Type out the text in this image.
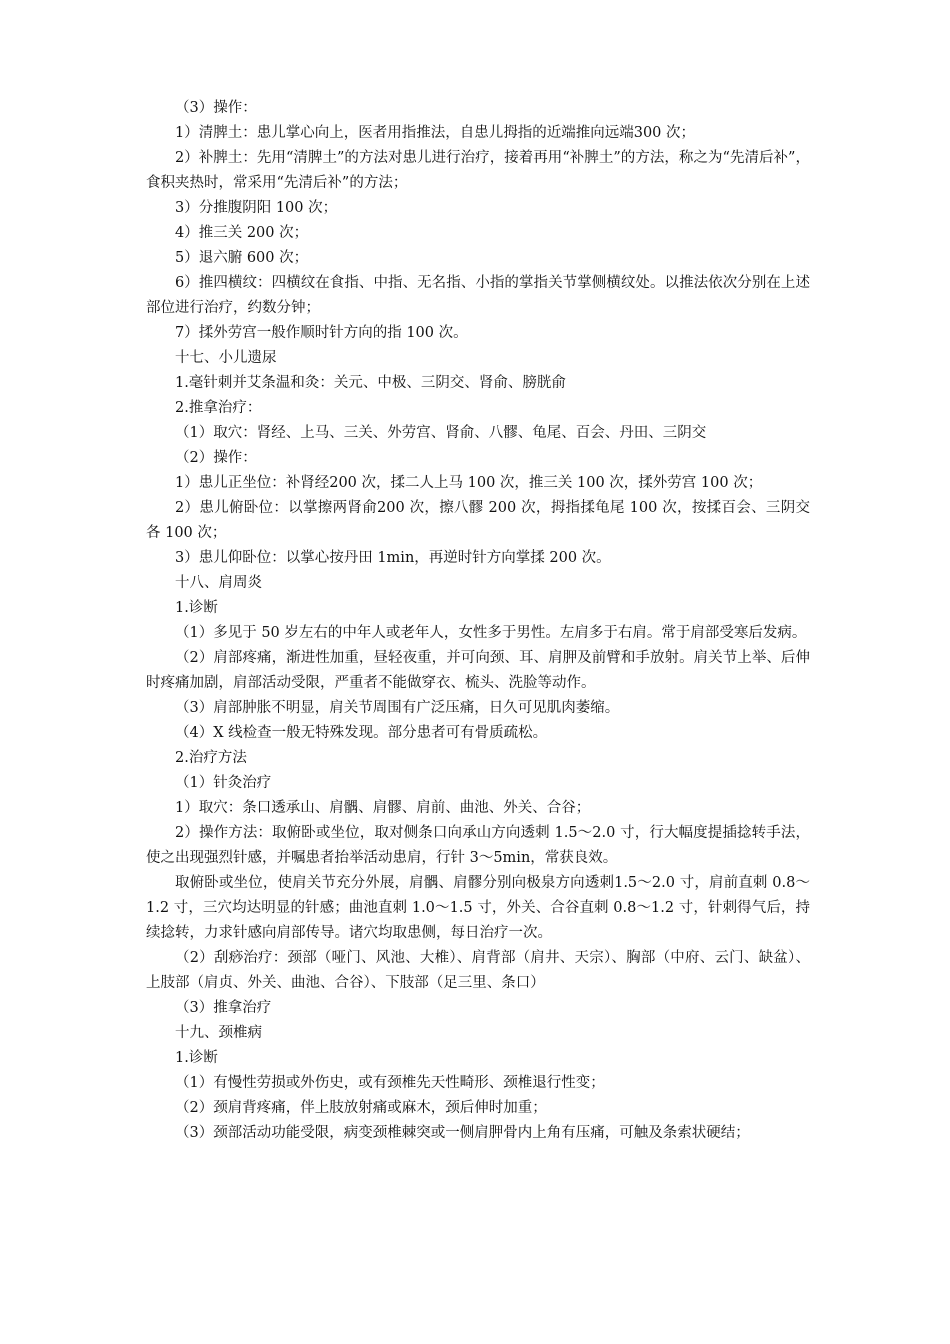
（3）操作：

1）清脾土：患儿掌心向上，医者用指推法，自患儿拇指的近端推向远端300 次；

2）补脾土：先用“清脾土”的方法对患儿进行治疗，接着再用“补脾土”的方法，称之为“先清后补”，食积夹热时，常采用“先清后补”的方法；

3）分推腹阴阳 100 次；

4）推三关 200 次；

5）退六腑 600 次；

6）推四横纹：四横纹在食指、中指、无名指、小指的掌指关节掌侧横纹处。以推法依次分别在上述部位进行治疗，约数分钟；

7）揉外劳宫一般作顺时针方向的指 100 次。

十七、小儿遗尿

1.毫针刺并艾条温和灸：关元、中极、三阴交、肾俞、膀胱俞

2.推拿治疗：

（1）取穴：肾经、上马、三关、外劳宫、肾俞、八髎、龟尾、百会、丹田、三阴交

（2）操作：

1）患儿正坐位：补肾经200 次，揉二人上马 100 次，推三关 100 次，揉外劳宫 100 次；

2）患儿俯卧位：以掌擦两肾俞200 次，擦八髎 200 次，拇指揉龟尾 100 次，按揉百会、三阴交各 100 次；

3）患儿仰卧位：以掌心按丹田 1min，再逆时针方向掌揉 200 次。

十八、肩周炎

1.诊断

（1）多见于 50 岁左右的中年人或老年人，女性多于男性。左肩多于右肩。常于肩部受寒后发病。

（2）肩部疼痛，渐进性加重，昼轻夜重，并可向颈、耳、肩胛及前臂和手放射。肩关节上举、后伸时疼痛加剧，肩部活动受限，严重者不能做穿衣、梳头、洗脸等动作。

（3）肩部肿胀不明显，肩关节周围有广泛压痛，日久可见肌肉萎缩。

（4）X 线检查一般无特殊发现。部分患者可有骨质疏松。

2.治疗方法

（1）针灸治疗

1）取穴：条口透承山、肩髃、肩髎、肩前、曲池、外关、合谷；

2）操作方法：取俯卧或坐位，取对侧条口向承山方向透刺 1.5～2.0 寸，行大幅度提插捻转手法，使之出现强烈针感，并嘱患者抬举活动患肩，行针 3～5min，常获良效。

取俯卧或坐位，使肩关节充分外展，肩髃、肩髎分别向极泉方向透刺1.5～2.0 寸，肩前直刺 0.8～1.2 寸，三穴均达明显的针感；曲池直刺 1.0～1.5 寸，外关、合谷直刺 0.8～1.2 寸，针刺得气后，持续捻转，力求针感向肩部传导。诸穴均取患侧，每日治疗一次。

（2）刮痧治疗：颈部（哑门、风池、大椎）、肩背部（肩井、天宗）、胸部（中府、云门、缺盆）、上肢部（肩贞、外关、曲池、合谷）、下肢部（足三里、条口）

（3）推拿治疗

十九、颈椎病

1.诊断

（1）有慢性劳损或外伤史，或有颈椎先天性畸形、颈椎退行性变；

（2）颈肩背疼痛，伴上肢放射痛或麻木，颈后伸时加重；

（3）颈部活动功能受限，病变颈椎棘突或一侧肩胛骨内上角有压痛，可触及条索状硬结；
